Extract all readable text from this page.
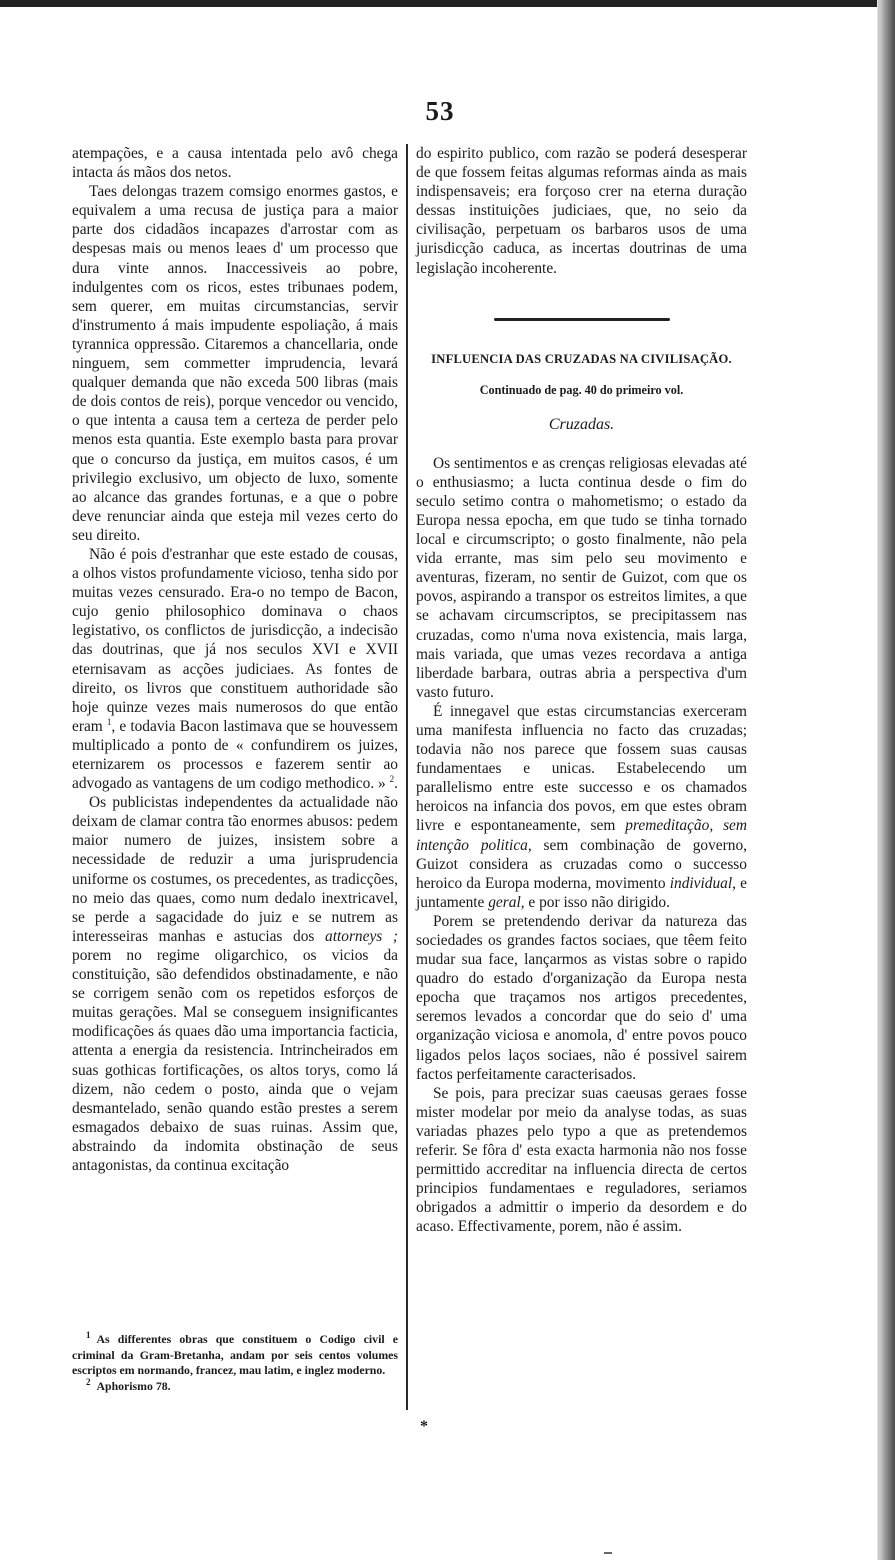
53

atempações, e a causa intentada pelo avô chega intacta ás mãos dos netos.

Taes delongas trazem comsigo enormes gastos, e equivalem a uma recusa de justiça para a maior parte dos cidadãos incapazes d'arrostar com as despesas mais ou menos leaes d' um processo que dura vinte annos. Inaccessiveis ao pobre, indulgentes com os ricos, estes tribunaes podem, sem querer, em muitas circumstancias, servir d'instrumento á mais impudente espoliação, á mais tyrannica oppressão. Citaremos a chancellaria, onde ninguem, sem commetter imprudencia, levará qualquer demanda que não exceda 500 libras (mais de dois contos de reis), porque vencedor ou vencido, o que intenta a causa tem a certeza de perder pelo menos esta quantia. Este exemplo basta para provar que o concurso da justiça, em muitos casos, é um privilegio exclusivo, um objecto de luxo, somente ao alcance das grandes fortunas, e a que o pobre deve renunciar ainda que esteja mil vezes certo do seu direito.

Não é pois d'estranhar que este estado de cousas, a olhos vistos profundamente vicioso, tenha sido por muitas vezes censurado. Era-o no tempo de Bacon, cujo genio philosophico dominava o chaos legistativo, os conflictos de jurisdicção, a indecisão das doutrinas, que já nos seculos XVI e XVII eternisavam as acções judiciaes. As fontes de direito, os livros que constituem authoridade são hoje quinze vezes mais numerosos do que então eram $^1$, e todavia Bacon lastimava que se houvessem multiplicado a ponto de « confundirem os juizes, eternizarem os processos e fazerem sentir ao advogado as vantagens de um codigo methodico. » $^2$.

Os publicistas independentes da actualidade não deixam de clamar contra tão enormes abusos: pedem maior numero de juizes, insistem sobre a necessidade de reduzir a uma jurisprudencia uniforme os costumes, os precedentes, as tradicções, no meio das quaes, como num dedalo inextricavel, se perde a sagacidade do juiz e se nutrem as interesseiras manhas e astucias dos attorneys ; porem no regime oligarchico, os vicios da constituição, são defendidos obstinadamente, e não se corrigem senão com os repetidos esforços de muitas gerações. Mal se conseguem insignificantes modificações ás quaes dão uma importancia facticia, attenta a energia da resistencia. Intrincheirados em suas gothicas fortificações, os altos torys, como lá dizem, não cedem o posto, ainda que o vejam desmantelado, senão quando estão prestes a serem esmagados debaixo de suas ruinas. Assim que, abstraindo da indomita obstinação de seus antagonistas, da continua excitação

do espirito publico, com razão se poderá desesperar de que fossem feitas algumas reformas ainda as mais indispensaveis; era forçoso crer na eterna duração dessas instituições judiciaes, que, no seio da civilisação, perpetuam os barbaros usos de uma jurisdicção caduca, as incertas doutrinas de uma legislação incoherente.

INFLUENCIA DAS CRUZADAS NA CIVILISAÇÃO.

Continuado de pag. 40 do primeiro vol.

Cruzadas.

Os sentimentos e as crenças religiosas elevadas até o enthusiasmo; a lucta continua desde o fim do seculo setimo contra o mahometismo; o estado da Europa nessa epocha, em que tudo se tinha tornado local e circumscripto; o gosto finalmente, não pela vida errante, mas sim pelo seu movimento e aventuras, fizeram, no sentir de Guizot, com que os povos, aspirando a transpor os estreitos limites, a que se achavam circumscriptos, se precipitassem nas cruzadas, como n'uma nova existencia, mais larga, mais variada, que umas vezes recordava a antiga liberdade barbara, outras abria a perspectiva d'um vasto futuro.

É innegavel que estas circumstancias exerceram uma manifesta influencia no facto das cruzadas; todavia não nos parece que fossem suas causas fundamentaes e unicas. Estabelecendo um parallelismo entre este successo e os chamados heroicos na infancia dos povos, em que estes obram livre e espontaneamente, sem premeditação, sem intenção politica, sem combinação de governo, Guizot considera as cruzadas como o successo heroico da Europa moderna, movimento individual, e juntamente geral, e por isso não dirigido.

Porem se pretendendo derivar da natureza das sociedades os grandes factos sociaes, que têem feito mudar sua face, lançarmos as vistas sobre o rapido quadro do estado d'organização da Europa nesta epocha que traçamos nos artigos precedentes, seremos levados a concordar que do seio d' uma organização viciosa e anomola, d' entre povos pouco ligados pelos laços sociaes, não é possivel sairem factos perfeitamente caracterisados.

Se pois, para precizar suas caeusas geraes fosse mister modelar por meio da analyse todas, as suas variadas phazes pelo typo a que as pretendemos referir. Se fôra d' esta exacta harmonia não nos fosse permittido accreditar na influencia directa de certos principios fundamentaes e reguladores, seriamos obrigados a admittir o imperio da desordem e do acaso. Effectivamente, porem, não é assim.

$^1$ As differentes obras que constituem o Codigo civil e criminal da Gram-Bretanha, andam por seis centos volumes escriptos em normando, francez, mau latim, e inglez moderno.

$^2$ Aphorismo 78.

*
